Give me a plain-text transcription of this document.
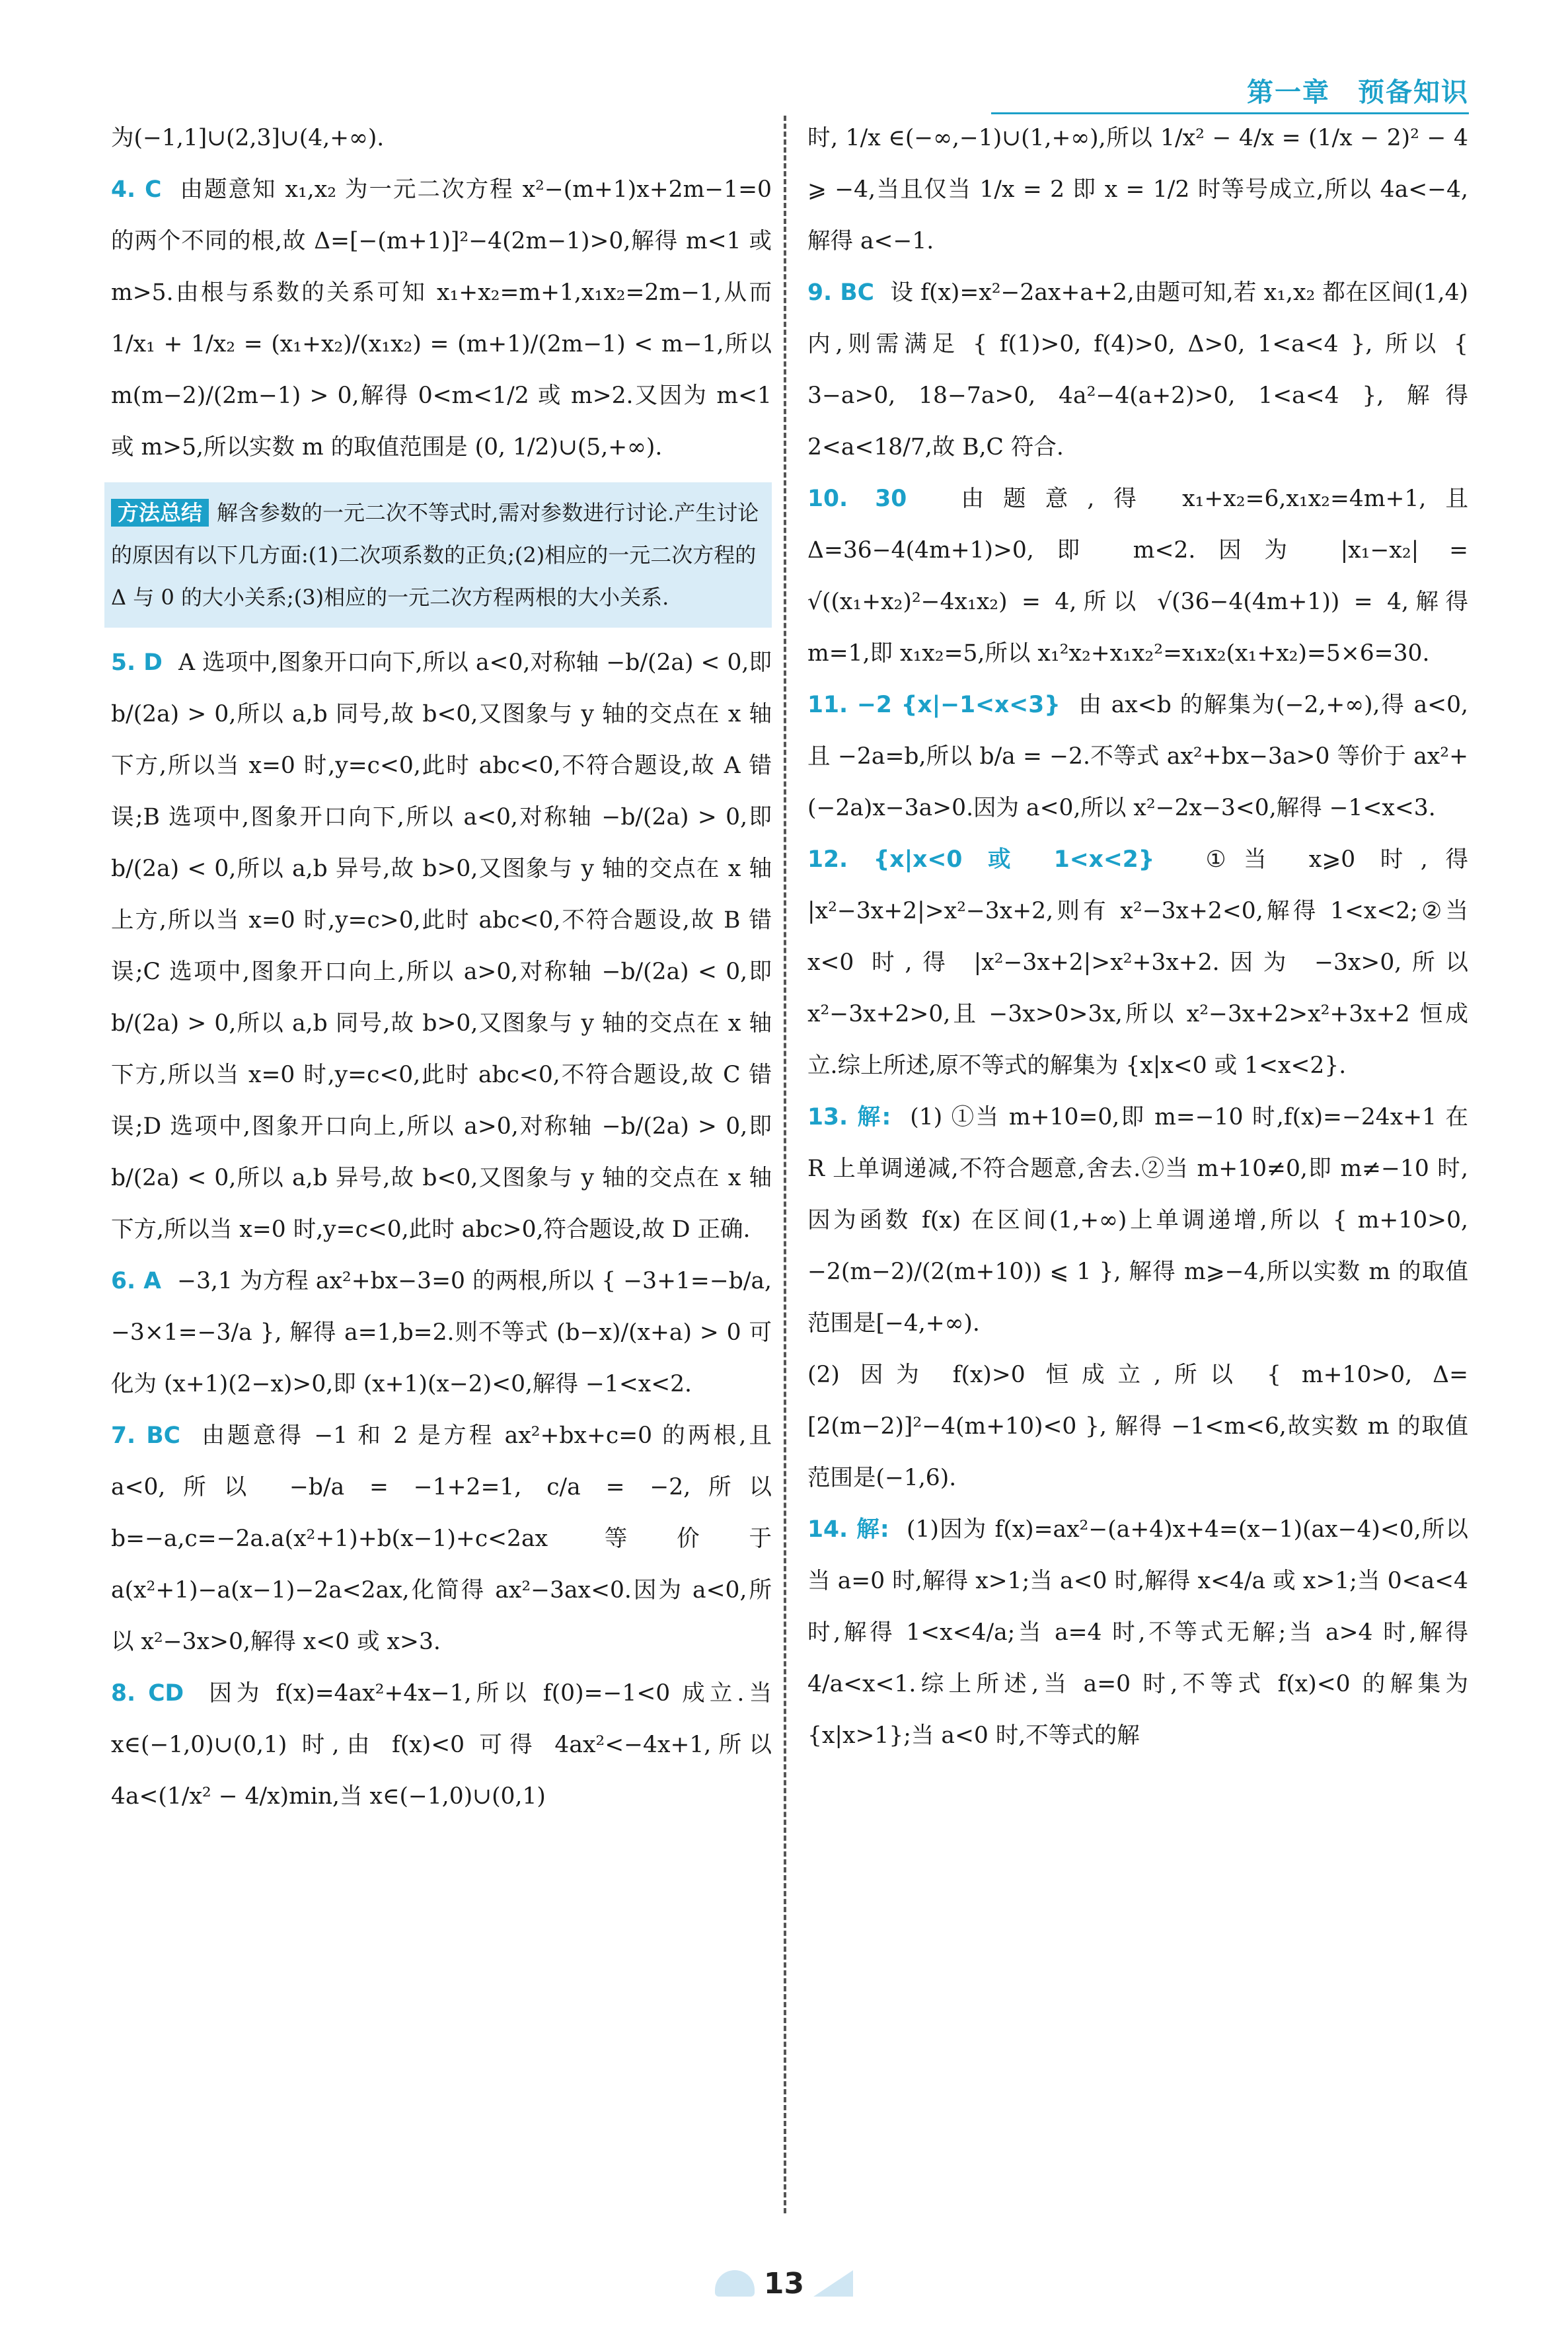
第一章　预备知识

为(−1,1]∪(2,3]∪(4,+∞).

4. C  由题意知 x₁,x₂ 为一元二次方程 x²−(m+1)x+2m−1=0 的两个不同的根,故 Δ=[−(m+1)]²−4(2m−1)>0,解得 m<1 或 m>5.由根与系数的关系可知 x₁+x₂=m+1,x₁x₂=2m−1,从而 1/x₁ + 1/x₂ = (x₁+x₂)/(x₁x₂) = (m+1)/(2m−1) < m−1,所以 m(m−2)/(2m−1) > 0,解得 0<m<1/2 或 m>2.又因为 m<1 或 m>5,所以实数 m 的取值范围是 (0, 1/2)∪(5,+∞).

方法总结 解含参数的一元二次不等式时,需对参数进行讨论.产生讨论的原因有以下几方面:(1)二次项系数的正负;(2)相应的一元二次方程的 Δ 与 0 的大小关系;(3)相应的一元二次方程两根的大小关系.

5. D  A 选项中,图象开口向下,所以 a<0,对称轴 −b/(2a) < 0,即 b/(2a) > 0,所以 a,b 同号,故 b<0,又图象与 y 轴的交点在 x 轴下方,所以当 x=0 时,y=c<0,此时 abc<0,不符合题设,故 A 错误;B 选项中,图象开口向下,所以 a<0,对称轴 −b/(2a) > 0,即 b/(2a) < 0,所以 a,b 异号,故 b>0,又图象与 y 轴的交点在 x 轴上方,所以当 x=0 时,y=c>0,此时 abc<0,不符合题设,故 B 错误;C 选项中,图象开口向上,所以 a>0,对称轴 −b/(2a) < 0,即 b/(2a) > 0,所以 a,b 同号,故 b>0,又图象与 y 轴的交点在 x 轴下方,所以当 x=0 时,y=c<0,此时 abc<0,不符合题设,故 C 错误;D 选项中,图象开口向上,所以 a>0,对称轴 −b/(2a) > 0,即 b/(2a) < 0,所以 a,b 异号,故 b<0,又图象与 y 轴的交点在 x 轴下方,所以当 x=0 时,y=c<0,此时 abc>0,符合题设,故 D 正确.

6. A  −3,1 为方程 ax²+bx−3=0 的两根,所以 { −3+1=−b/a, −3×1=−3/a }, 解得 a=1,b=2.则不等式 (b−x)/(x+a) > 0 可化为 (x+1)(2−x)>0,即 (x+1)(x−2)<0,解得 −1<x<2.

7. BC  由题意得 −1 和 2 是方程 ax²+bx+c=0 的两根,且 a<0,所以 −b/a = −1+2=1, c/a = −2,所以 b=−a,c=−2a.a(x²+1)+b(x−1)+c<2ax 等价于 a(x²+1)−a(x−1)−2a<2ax,化简得 ax²−3ax<0.因为 a<0,所以 x²−3x>0,解得 x<0 或 x>3.

8. CD  因为 f(x)=4ax²+4x−1,所以 f(0)=−1<0 成立.当 x∈(−1,0)∪(0,1) 时,由 f(x)<0 可得 4ax²<−4x+1,所以 4a<(1/x² − 4/x)min,当 x∈(−1,0)∪(0,1)

时, 1/x ∈(−∞,−1)∪(1,+∞),所以 1/x² − 4/x = (1/x − 2)² − 4 ⩾ −4,当且仅当 1/x = 2 即 x = 1/2 时等号成立,所以 4a<−4,解得 a<−1.

9. BC  设 f(x)=x²−2ax+a+2,由题可知,若 x₁,x₂ 都在区间(1,4)内,则需满足 { f(1)>0, f(4)>0, Δ>0, 1<a<4 }, 所以 { 3−a>0, 18−7a>0, 4a²−4(a+2)>0, 1<a<4 }, 解得 2<a<18/7,故 B,C 符合.

10. 30  由题意,得 x₁+x₂=6,x₁x₂=4m+1,且 Δ=36−4(4m+1)>0,即 m<2.因为 |x₁−x₂| = √((x₁+x₂)²−4x₁x₂) = 4,所以 √(36−4(4m+1)) = 4,解得 m=1,即 x₁x₂=5,所以 x₁²x₂+x₁x₂²=x₁x₂(x₁+x₂)=5×6=30.

11. −2 {x|−1<x<3}  由 ax<b 的解集为(−2,+∞),得 a<0,且 −2a=b,所以 b/a = −2.不等式 ax²+bx−3a>0 等价于 ax²+(−2a)x−3a>0.因为 a<0,所以 x²−2x−3<0,解得 −1<x<3.

12. {x|x<0 或 1<x<2}  ①当 x⩾0 时,得 |x²−3x+2|>x²−3x+2,则有 x²−3x+2<0,解得 1<x<2;②当 x<0 时,得 |x²−3x+2|>x²+3x+2.因为 −3x>0,所以 x²−3x+2>0,且 −3x>0>3x,所以 x²−3x+2>x²+3x+2 恒成立.综上所述,原不等式的解集为 {x|x<0 或 1<x<2}.

13. 解:  (1) ①当 m+10=0,即 m=−10 时,f(x)=−24x+1 在 R 上单调递减,不符合题意,舍去.②当 m+10≠0,即 m≠−10 时,因为函数 f(x) 在区间(1,+∞)上单调递增,所以 { m+10>0, −2(m−2)/(2(m+10)) ⩽ 1 }, 解得 m⩾−4,所以实数 m 的取值范围是[−4,+∞).
(2) 因为 f(x)>0 恒成立,所以 { m+10>0, Δ=[2(m−2)]²−4(m+10)<0 }, 解得 −1<m<6,故实数 m 的取值范围是(−1,6).

14. 解:  (1)因为 f(x)=ax²−(a+4)x+4=(x−1)(ax−4)<0,所以当 a=0 时,解得 x>1;当 a<0 时,解得 x<4/a 或 x>1;当 0<a<4 时,解得 1<x<4/a;当 a=4 时,不等式无解;当 a>4 时,解得 4/a<x<1.综上所述,当 a=0 时,不等式 f(x)<0 的解集为{x|x>1};当 a<0 时,不等式的解

13
